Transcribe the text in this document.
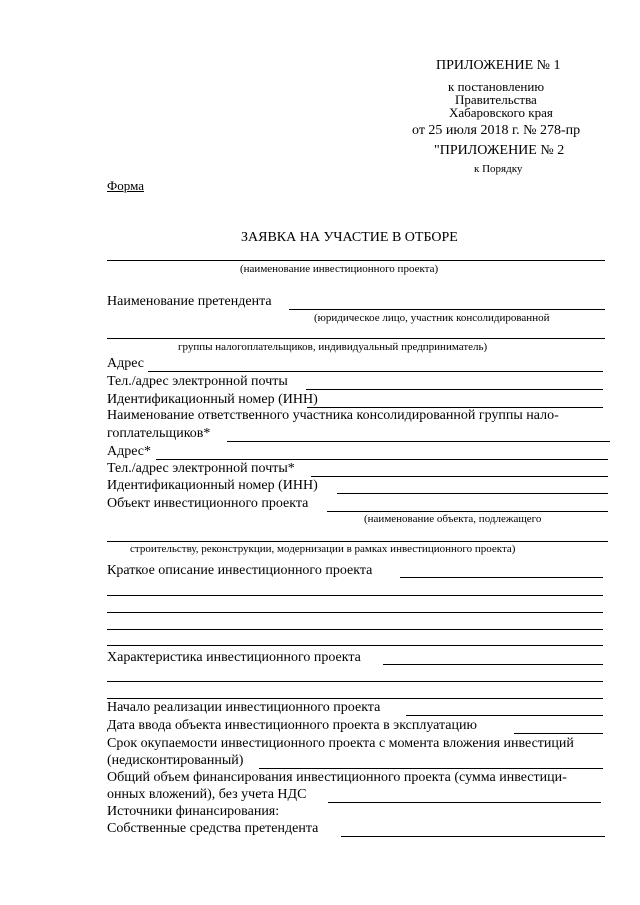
ПРИЛОЖЕНИЕ № 1
к постановлению
Правительства
Хабаровского края
от 25 июля 2018 г. № 278-пр
"ПРИЛОЖЕНИЕ № 2
к Порядку
Форма
ЗАЯВКА НА УЧАСТИЕ В ОТБОРЕ
(наименование инвестиционного проекта)
Наименование претендента
(юридическое лицо, участник консолидированной
группы налогоплательщиков, индивидуальный предприниматель)
Адрес
Тел./адрес электронной почты
Идентификационный номер (ИНН)
Наименование ответственного участника консолидированной группы нало-
гоплательщиков*
Адрес*
Тел./адрес электронной почты*
Идентификационный номер (ИНН)
Объект инвестиционного проекта
(наименование объекта, подлежащего
строительству, реконструкции, модернизации в рамках инвестиционного проекта)
Краткое описание инвестиционного проекта
Характеристика инвестиционного проекта
Начало реализации инвестиционного проекта
Дата ввода объекта инвестиционного проекта в эксплуатацию
Срок окупаемости инвестиционного проекта с момента вложения инвестиций
(недисконтированный)
Общий объем финансирования инвестиционного проекта (сумма инвестици-
онных вложений), без учета НДС
Источники финансирования:
Собственные средства претендента
